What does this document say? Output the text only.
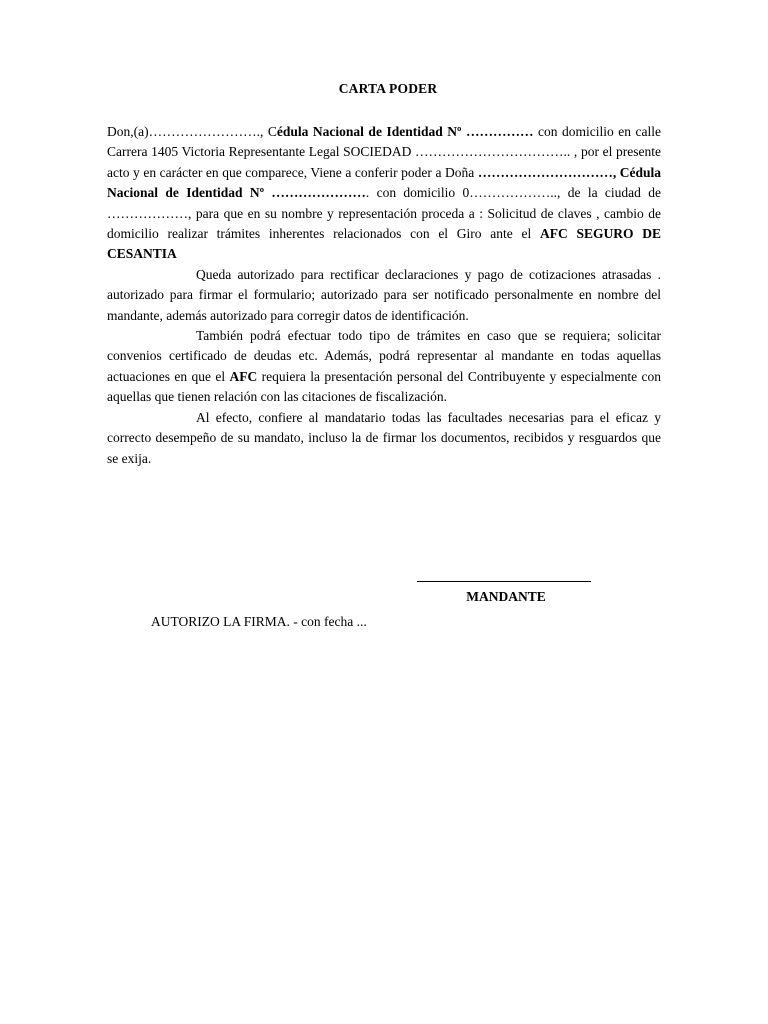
CARTA PODER

Don,(a)……………………., Cédula Nacional de Identidad Nº …………… con domicilio en calle Carrera 1405 Victoria Representante Legal SOCIEDAD …………………………….. , por el presente acto y en carácter en que comparece, Viene a conferir poder a Doña …………………………, Cédula Nacional de Identidad Nº …………………. con domicilio 0……………….., de la ciudad de ………………, para que en su nombre y representación proceda a : Solicitud de claves , cambio de domicilio realizar trámites inherentes relacionados con el Giro ante el AFC SEGURO DE CESANTIA

Queda autorizado para rectificar declaraciones y pago de cotizaciones atrasadas . autorizado para firmar el formulario; autorizado para ser notificado personalmente en nombre del mandante, además autorizado para corregir datos de identificación.

También podrá efectuar todo tipo de trámites en caso que se requiera; solicitar convenios certificado de deudas etc. Además, podrá representar al mandante en todas aquellas actuaciones en que el AFC requiera la presentación personal del Contribuyente y especialmente con aquellas que tienen relación con las citaciones de fiscalización.

Al efecto, confiere al mandatario todas las facultades necesarias para el eficaz y correcto desempeño de su mandato, incluso la de firmar los documentos, recibidos y resguardos que se exija.

MANDANTE
AUTORIZO LA FIRMA. - con fecha ...
